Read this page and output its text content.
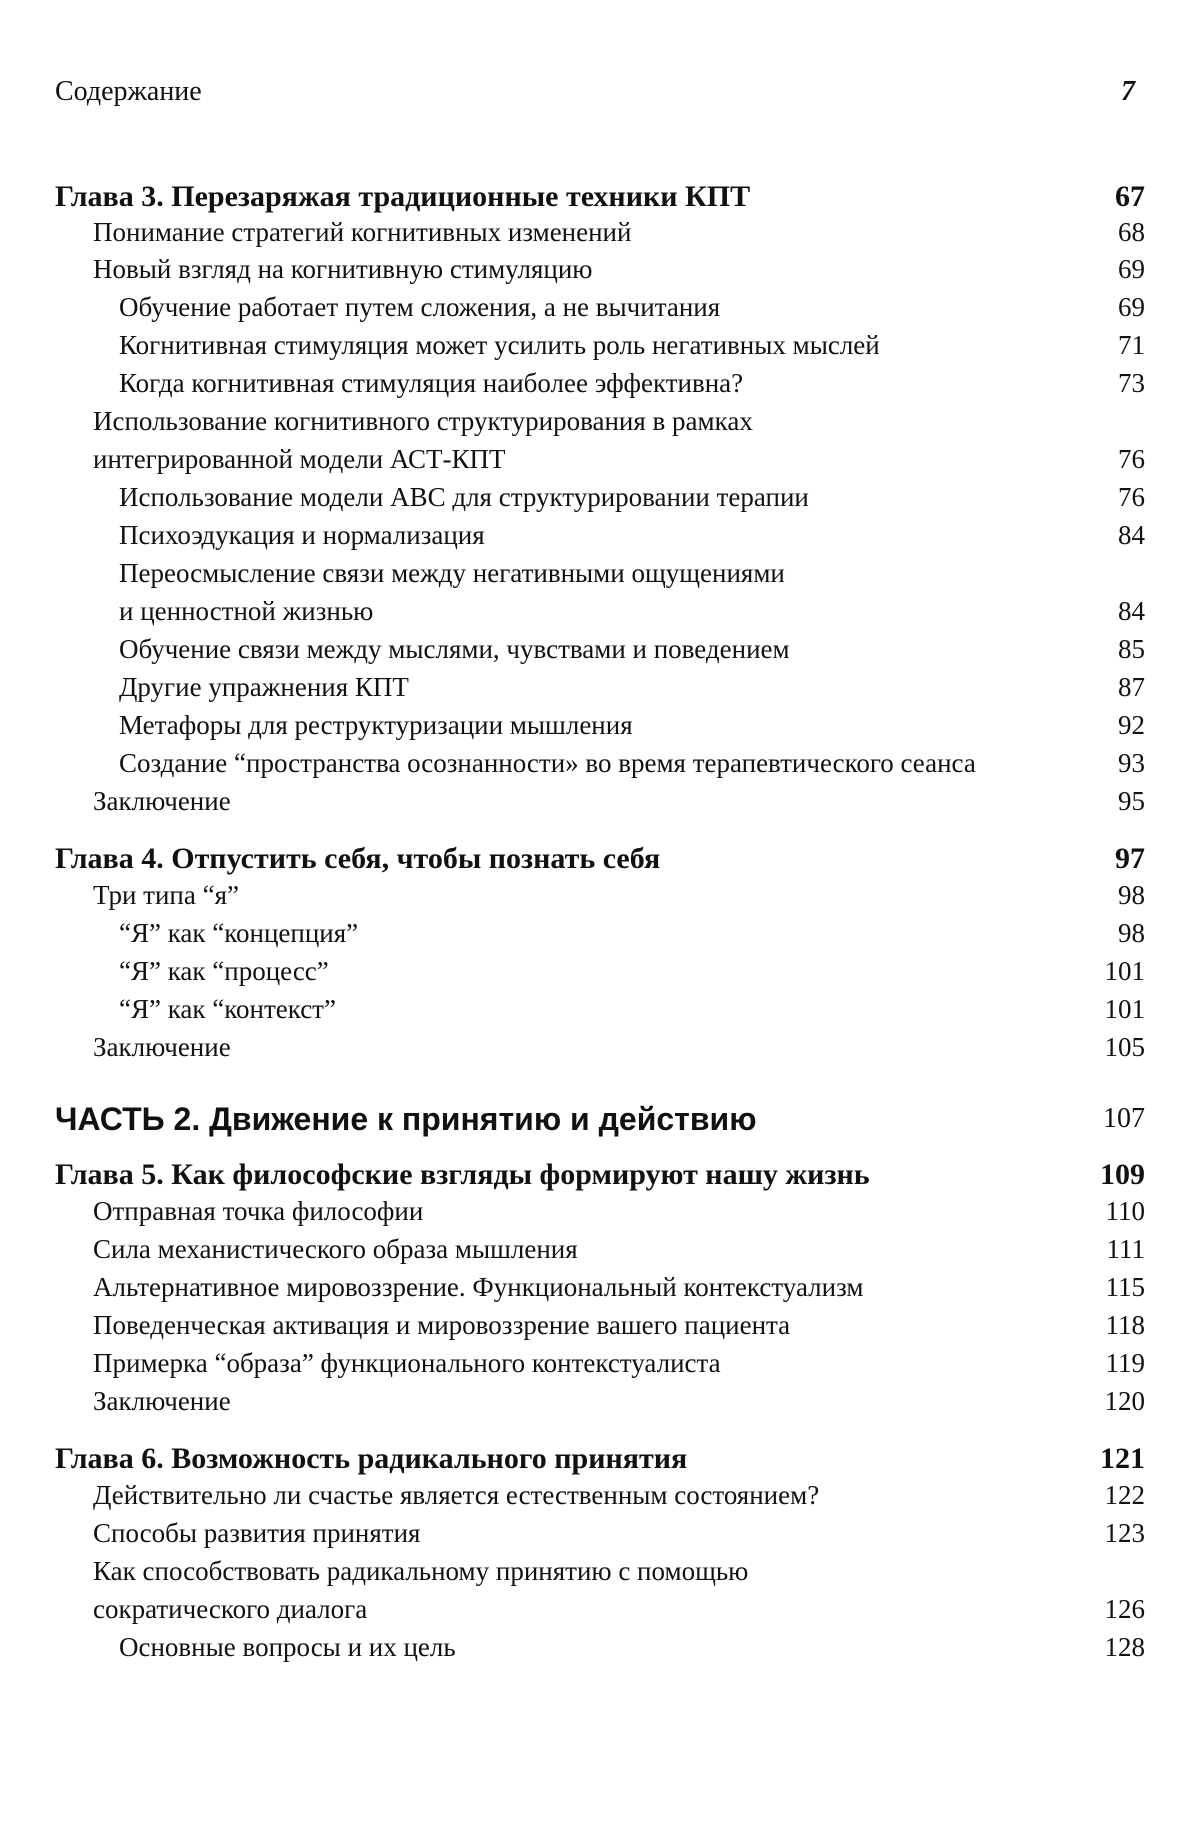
Содержание	7
Глава 3. Перезаряжая традиционные техники КПТ	67
Понимание стратегий когнитивных изменений	68
Новый взгляд на когнитивную стимуляцию	69
Обучение работает путем сложения, а не вычитания	69
Когнитивная стимуляция может усилить роль негативных мыслей	71
Когда когнитивная стимуляция наиболее эффективна?	73
Использование когнитивного структурирования в рамках
интегрированной модели АСТ-КПТ	76
Использование модели АВС для структурировании терапии	76
Психоэдукация и нормализация	84
Переосмысление связи между негативными ощущениями
и ценностной жизнью	84
Обучение связи между мыслями, чувствами и поведением	85
Другие упражнения КПТ	87
Метафоры для реструктуризации мышления	92
Создание “пространства осознанности» во время терапевтического сеанса	93
Заключение	95
Глава 4. Отпустить себя, чтобы познать себя	97
Три типа “я”	98
“Я” как “концепция”	98
“Я” как “процесс”	101
“Я” как “контекст”	101
Заключение	105
ЧАСТЬ 2. Движение к принятию и действию	107
Глава 5. Как философские взгляды формируют нашу жизнь	109
Отправная точка философии	110
Сила механистического образа мышления	111
Альтернативное мировоззрение. Функциональный контекстуализм	115
Поведенческая активация и мировоззрение вашего пациента	118
Примерка “образа” функционального контекстуалиста	119
Заключение	120
Глава 6. Возможность радикального принятия	121
Действительно ли счастье является естественным состоянием?	122
Способы развития принятия	123
Как способствовать радикальному принятию с помощью
сократического диалога	126
Основные вопросы и их цель	128
